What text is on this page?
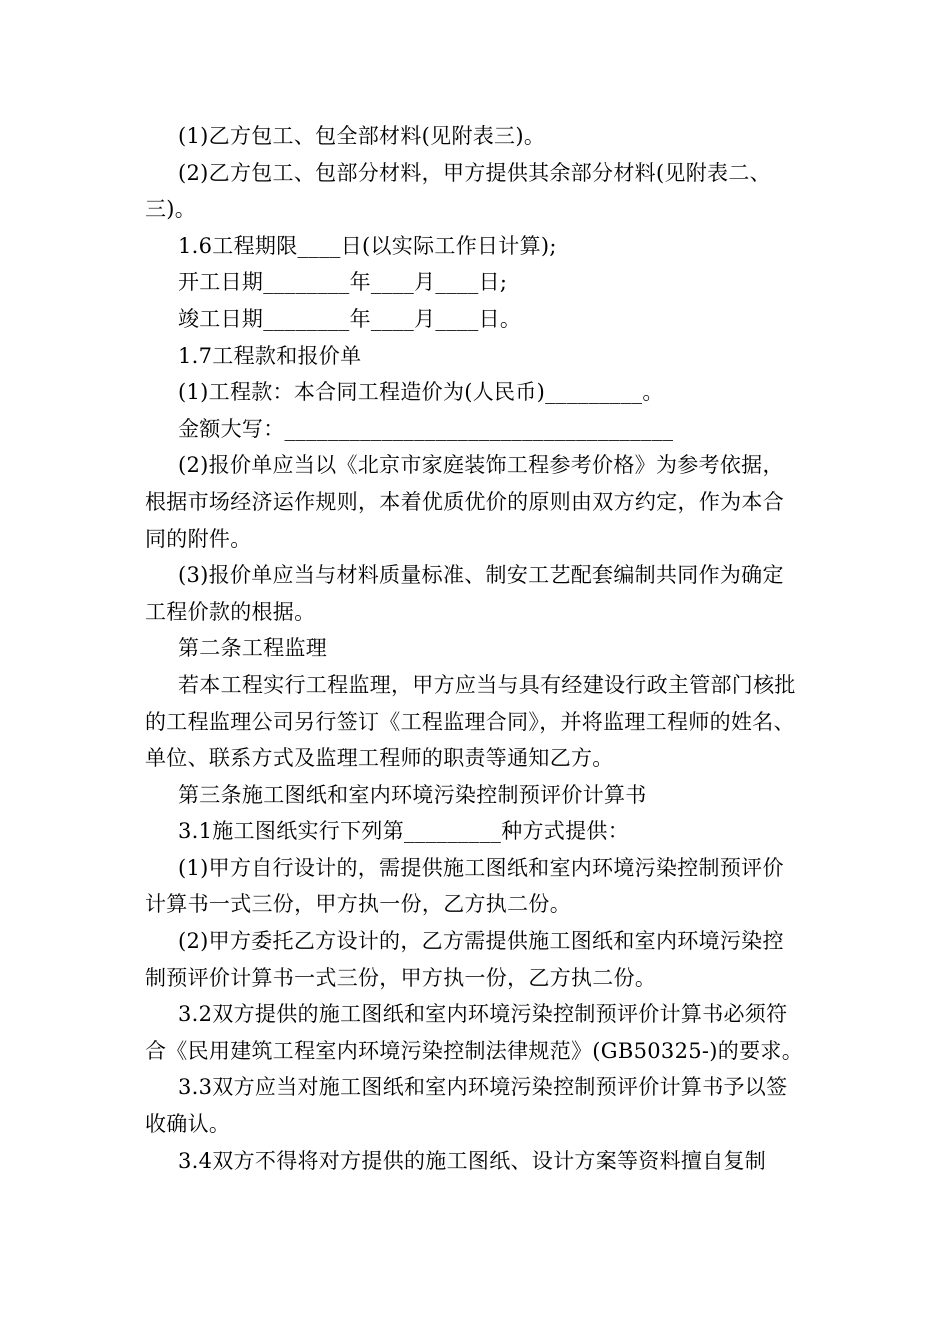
(1)乙方包工、包全部材料(见附表三)。

(2)乙方包工、包部分材料，甲方提供其余部分材料(见附表二、三)。

1.6工程期限____日(以实际工作日计算);

开工日期________年____月____日;

竣工日期________年____月____日。

1.7工程款和报价单

(1)工程款：本合同工程造价为(人民币)_________。

金额大写：____________________________________

(2)报价单应当以《北京市家庭装饰工程参考价格》为参考依据，根据市场经济运作规则，本着优质优价的原则由双方约定，作为本合同的附件。

(3)报价单应当与材料质量标准、制安工艺配套编制共同作为确定工程价款的根据。

第二条工程监理

若本工程实行工程监理，甲方应当与具有经建设行政主管部门核批的工程监理公司另行签订《工程监理合同》，并将监理工程师的姓名、单位、联系方式及监理工程师的职责等通知乙方。

第三条施工图纸和室内环境污染控制预评价计算书

3.1施工图纸实行下列第_________种方式提供：

(1)甲方自行设计的，需提供施工图纸和室内环境污染控制预评价计算书一式三份，甲方执一份，乙方执二份。

(2)甲方委托乙方设计的，乙方需提供施工图纸和室内环境污染控制预评价计算书一式三份，甲方执一份，乙方执二份。

3.2双方提供的施工图纸和室内环境污染控制预评价计算书必须符合《民用建筑工程室内环境污染控制法律规范》(GB50325-)的要求。

3.3双方应当对施工图纸和室内环境污染控制预评价计算书予以签收确认。

3.4双方不得将对方提供的施工图纸、设计方案等资料擅自复制
